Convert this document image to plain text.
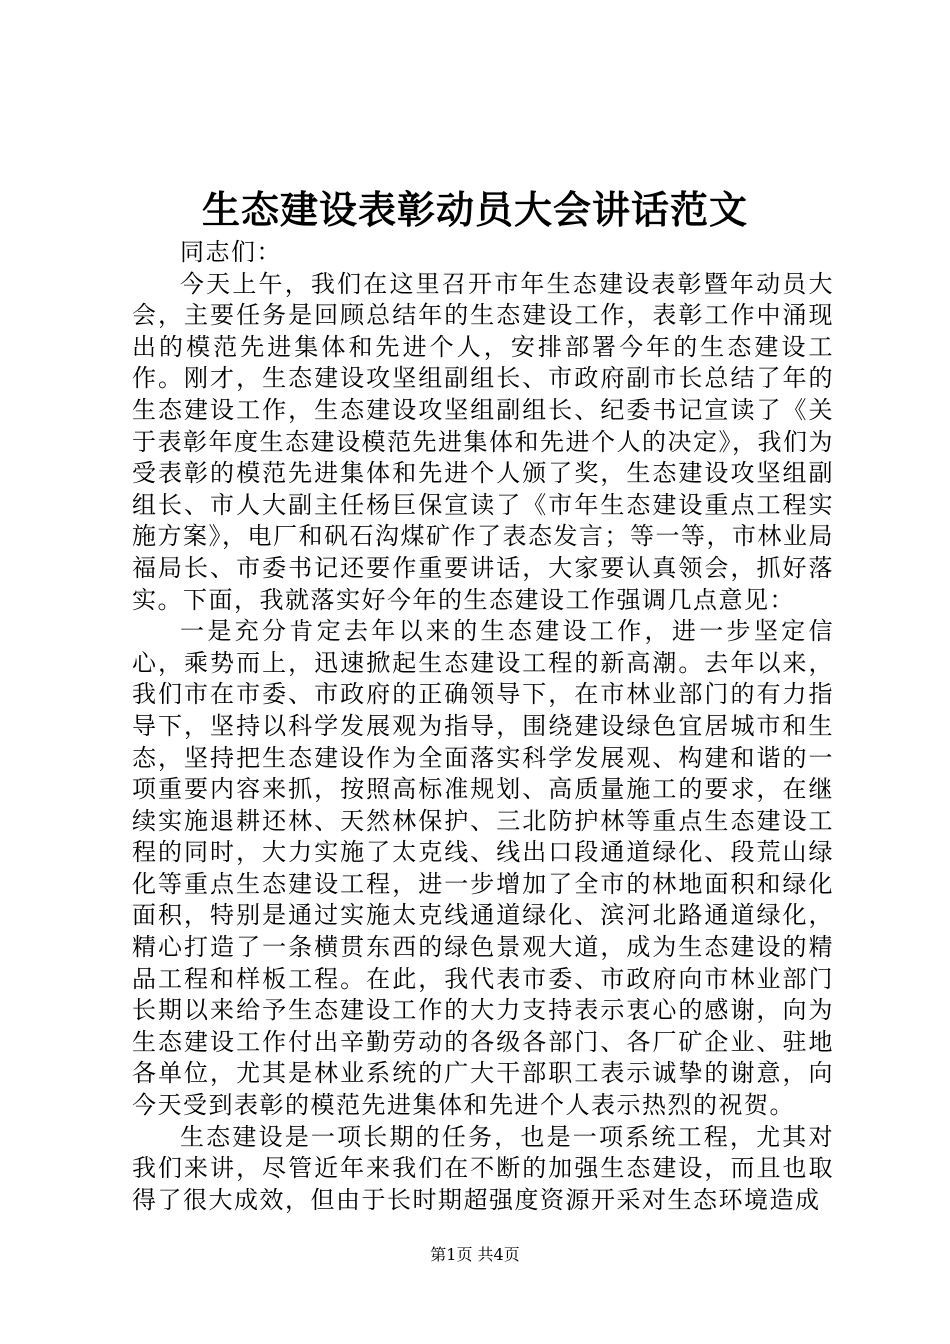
生态建设表彰动员大会讲话范文

同志们：

今天上午，我们在这里召开市年生态建设表彰暨年动员大会，主要任务是回顾总结年的生态建设工作，表彰工作中涌现出的模范先进集体和先进个人，安排部署今年的生态建设工作。刚才，生态建设攻坚组副组长、市政府副市长总结了年的生态建设工作，生态建设攻坚组副组长、纪委书记宣读了《关于表彰年度生态建设模范先进集体和先进个人的决定》，我们为受表彰的模范先进集体和先进个人颁了奖，生态建设攻坚组副组长、市人大副主任杨巨保宣读了《市年生态建设重点工程实施方案》，电厂和矾石沟煤矿作了表态发言；等一等，市林业局福局长、市委书记还要作重要讲话，大家要认真领会，抓好落实。下面，我就落实好今年的生态建设工作强调几点意见：

一是充分肯定去年以来的生态建设工作，进一步坚定信心，乘势而上，迅速掀起生态建设工程的新高潮。去年以来，我们市在市委、市政府的正确领导下，在市林业部门的有力指导下，坚持以科学发展观为指导，围绕建设绿色宜居城市和生态，坚持把生态建设作为全面落实科学发展观、构建和谐的一项重要内容来抓，按照高标准规划、高质量施工的要求，在继续实施退耕还林、天然林保护、三北防护林等重点生态建设工程的同时，大力实施了太克线、线出口段通道绿化、段荒山绿化等重点生态建设工程，进一步增加了全市的林地面积和绿化面积，特别是通过实施太克线通道绿化、滨河北路通道绿化，精心打造了一条横贯东西的绿色景观大道，成为生态建设的精品工程和样板工程。在此，我代表市委、市政府向市林业部门长期以来给予生态建设工作的大力支持表示衷心的感谢，向为生态建设工作付出辛勤劳动的各级各部门、各厂矿企业、驻地各单位，尤其是林业系统的广大干部职工表示诚挚的谢意，向今天受到表彰的模范先进集体和先进个人表示热烈的祝贺。

生态建设是一项长期的任务，也是一项系统工程，尤其对我们来讲，尽管近年来我们在不断的加强生态建设，而且也取得了很大成效，但由于长时期超强度资源开采对生态环境造成

第1页 共4页
